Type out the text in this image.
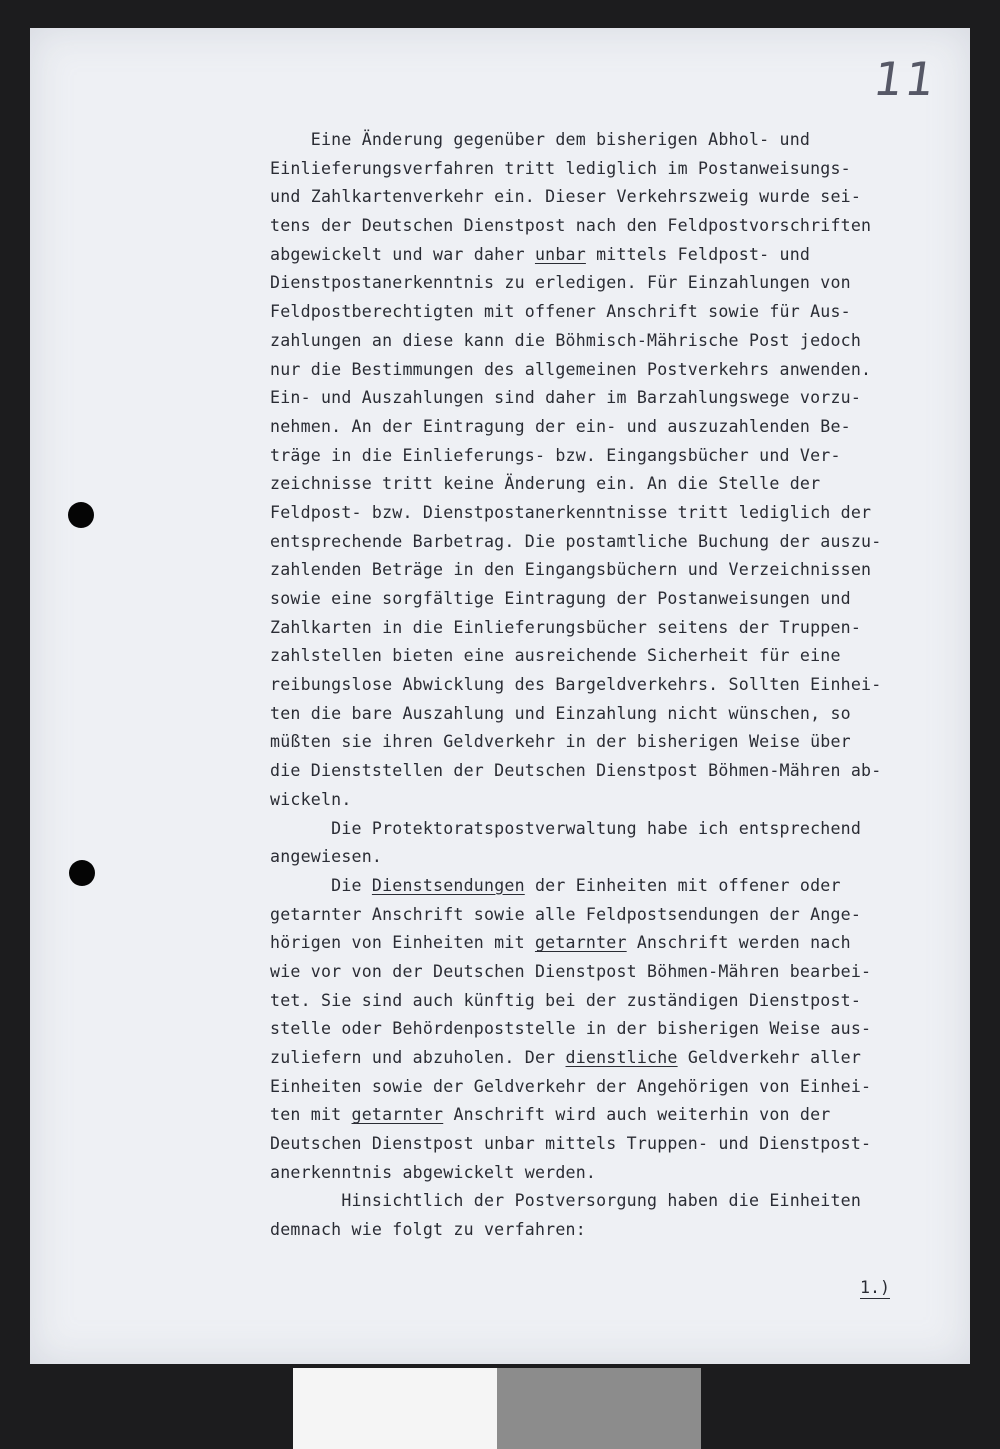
11
Eine Änderung gegenüber dem bisherigen Abhol- und
Einlieferungsverfahren tritt lediglich im Postanweisungs-
und Zahlkartenverkehr ein. Dieser Verkehrszweig wurde sei-
tens der Deutschen Dienstpost nach den Feldpostvorschriften
abgewickelt und war daher unbar mittels Feldpost- und
Dienstpostanerkenntnis zu erledigen. Für Einzahlungen von
Feldpostberechtigten mit offener Anschrift sowie für Aus-
zahlungen an diese kann die Böhmisch-Mährische Post jedoch
nur die Bestimmungen des allgemeinen Postverkehrs anwenden.
Ein- und Auszahlungen sind daher im Barzahlungswege vorzu-
nehmen. An der Eintragung der ein- und auszuzahlenden Be-
träge in die Einlieferungs- bzw. Eingangsbücher und Ver-
zeichnisse tritt keine Änderung ein. An die Stelle der
Feldpost- bzw. Dienstpostanerkenntnisse tritt lediglich der
entsprechende Barbetrag. Die postamtliche Buchung der auszu-
zahlenden Beträge in den Eingangsbüchern und Verzeichnissen
sowie eine sorgfältige Eintragung der Postanweisungen und
Zahlkarten in die Einlieferungsbücher seitens der Truppen-
zahlstellen bieten eine ausreichende Sicherheit für eine
reibungslose Abwicklung des Bargeldverkehrs. Sollten Einhei-
ten die bare Auszahlung und Einzahlung nicht wünschen, so
müßten sie ihren Geldverkehr in der bisherigen Weise über
die Dienststellen der Deutschen Dienstpost Böhmen-Mähren ab-
wickeln.
Die Protektoratspostverwaltung habe ich entsprechend
angewiesen.
Die Dienstsendungen der Einheiten mit offener oder
getarnter Anschrift sowie alle Feldpostsendungen der Ange-
hörigen von Einheiten mit getarnter Anschrift werden nach
wie vor von der Deutschen Dienstpost Böhmen-Mähren bearbei-
tet. Sie sind auch künftig bei der zuständigen Dienstpost-
stelle oder Behördenpoststelle in der bisherigen Weise aus-
zuliefern und abzuholen. Der dienstliche Geldverkehr aller
Einheiten sowie der Geldverkehr der Angehörigen von Einhei-
ten mit getarnter Anschrift wird auch weiterhin von der
Deutschen Dienstpost unbar mittels Truppen- und Dienstpost-
anerkenntnis abgewickelt werden.
Hinsichtlich der Postversorgung haben die Einheiten
demnach wie folgt zu verfahren:
1.)
